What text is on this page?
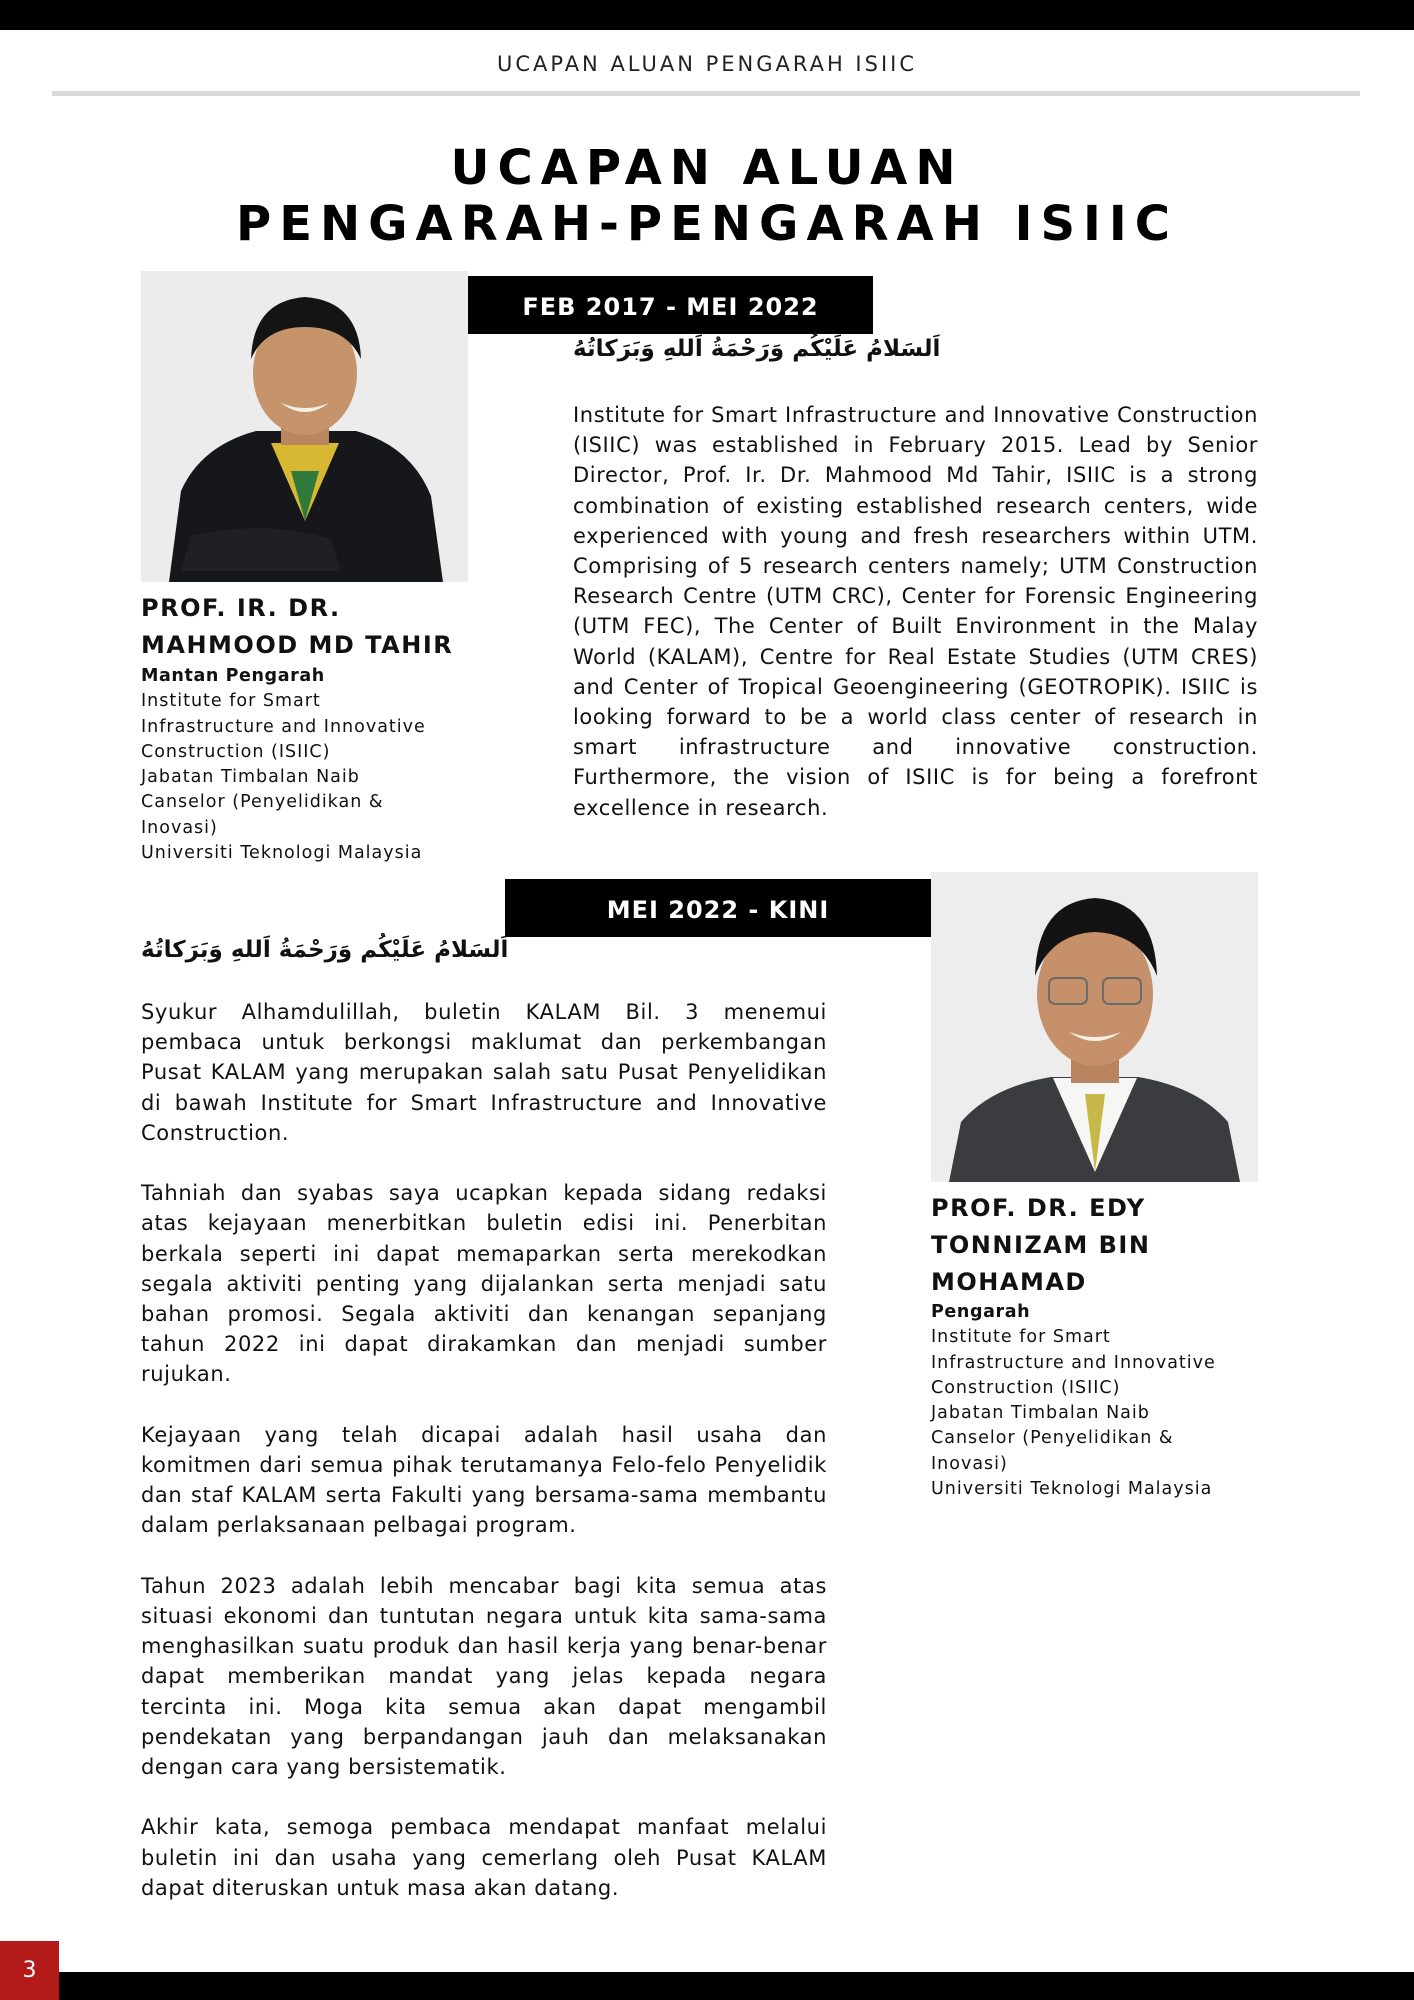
UCAPAN ALUAN PENGARAH ISIIC
UCAPAN ALUAN
PENGARAH-PENGARAH ISIIC
FEB 2017 - MEI 2022
اَلسَلامُ عَلَيْكُم وَرَحْمَةُ اَللهِ وَبَرَكاتُهُ

Institute for Smart Infrastructure and Innovative Construction (ISIIC) was established in February 2015. Lead by Senior Director, Prof. Ir. Dr. Mahmood Md Tahir, ISIIC is a strong combination of existing established research centers, wide experienced with young and fresh researchers within UTM. Comprising of 5 research centers namely; UTM Construction Research Centre (UTM CRC), Center for Forensic Engineering (UTM FEC), The Center of Built Environment in the Malay World (KALAM), Centre for Real Estate Studies (UTM CRES) and Center of Tropical Geoengineering (GEOTROPIK). ISIIC is looking forward to be a world class center of research in smart infrastructure and innovative construction. Furthermore, the vision of ISIIC is for being a forefront excellence in research.

PROF. IR. DR.
MAHMOOD MD TAHIR
Mantan Pengarah
Institute for Smart
Infrastructure and Innovative
Construction (ISIIC)
Jabatan Timbalan Naib
Canselor (Penyelidikan &
Inovasi)
Universiti Teknologi Malaysia
MEI 2022 - KINI
اَلسَلامُ عَلَيْكُم وَرَحْمَةُ اَللهِ وَبَرَكاتُهُ

Syukur Alhamdulillah, buletin KALAM Bil. 3 menemui pembaca untuk berkongsi maklumat dan perkembangan Pusat KALAM yang merupakan salah satu Pusat Penyelidikan di bawah Institute for Smart Infrastructure and Innovative Construction.

Tahniah dan syabas saya ucapkan kepada sidang redaksi atas kejayaan menerbitkan buletin edisi ini. Penerbitan berkala seperti ini dapat memaparkan serta merekodkan segala aktiviti penting yang dijalankan serta menjadi satu bahan promosi. Segala aktiviti dan kenangan sepanjang tahun 2022 ini dapat dirakamkan dan menjadi sumber rujukan.

Kejayaan yang telah dicapai adalah hasil usaha dan komitmen dari semua pihak terutamanya Felo-felo Penyelidik dan staf KALAM serta Fakulti yang bersama-sama membantu dalam perlaksanaan pelbagai program.

Tahun 2023 adalah lebih mencabar bagi kita semua atas situasi ekonomi dan tuntutan negara untuk kita sama-sama menghasilkan suatu produk dan hasil kerja yang benar-benar dapat memberikan mandat yang jelas kepada negara tercinta ini. Moga kita semua akan dapat mengambil pendekatan yang berpandangan jauh dan melaksanakan dengan cara yang bersistematik.

Akhir kata, semoga pembaca mendapat manfaat melalui buletin ini dan usaha yang cemerlang oleh Pusat KALAM dapat diteruskan untuk masa akan datang.

PROF. DR. EDY
TONNIZAM BIN
MOHAMAD
Pengarah
Institute for Smart
Infrastructure and Innovative
Construction (ISIIC)
Jabatan Timbalan Naib
Canselor (Penyelidikan &
Inovasi)
Universiti Teknologi Malaysia
3
